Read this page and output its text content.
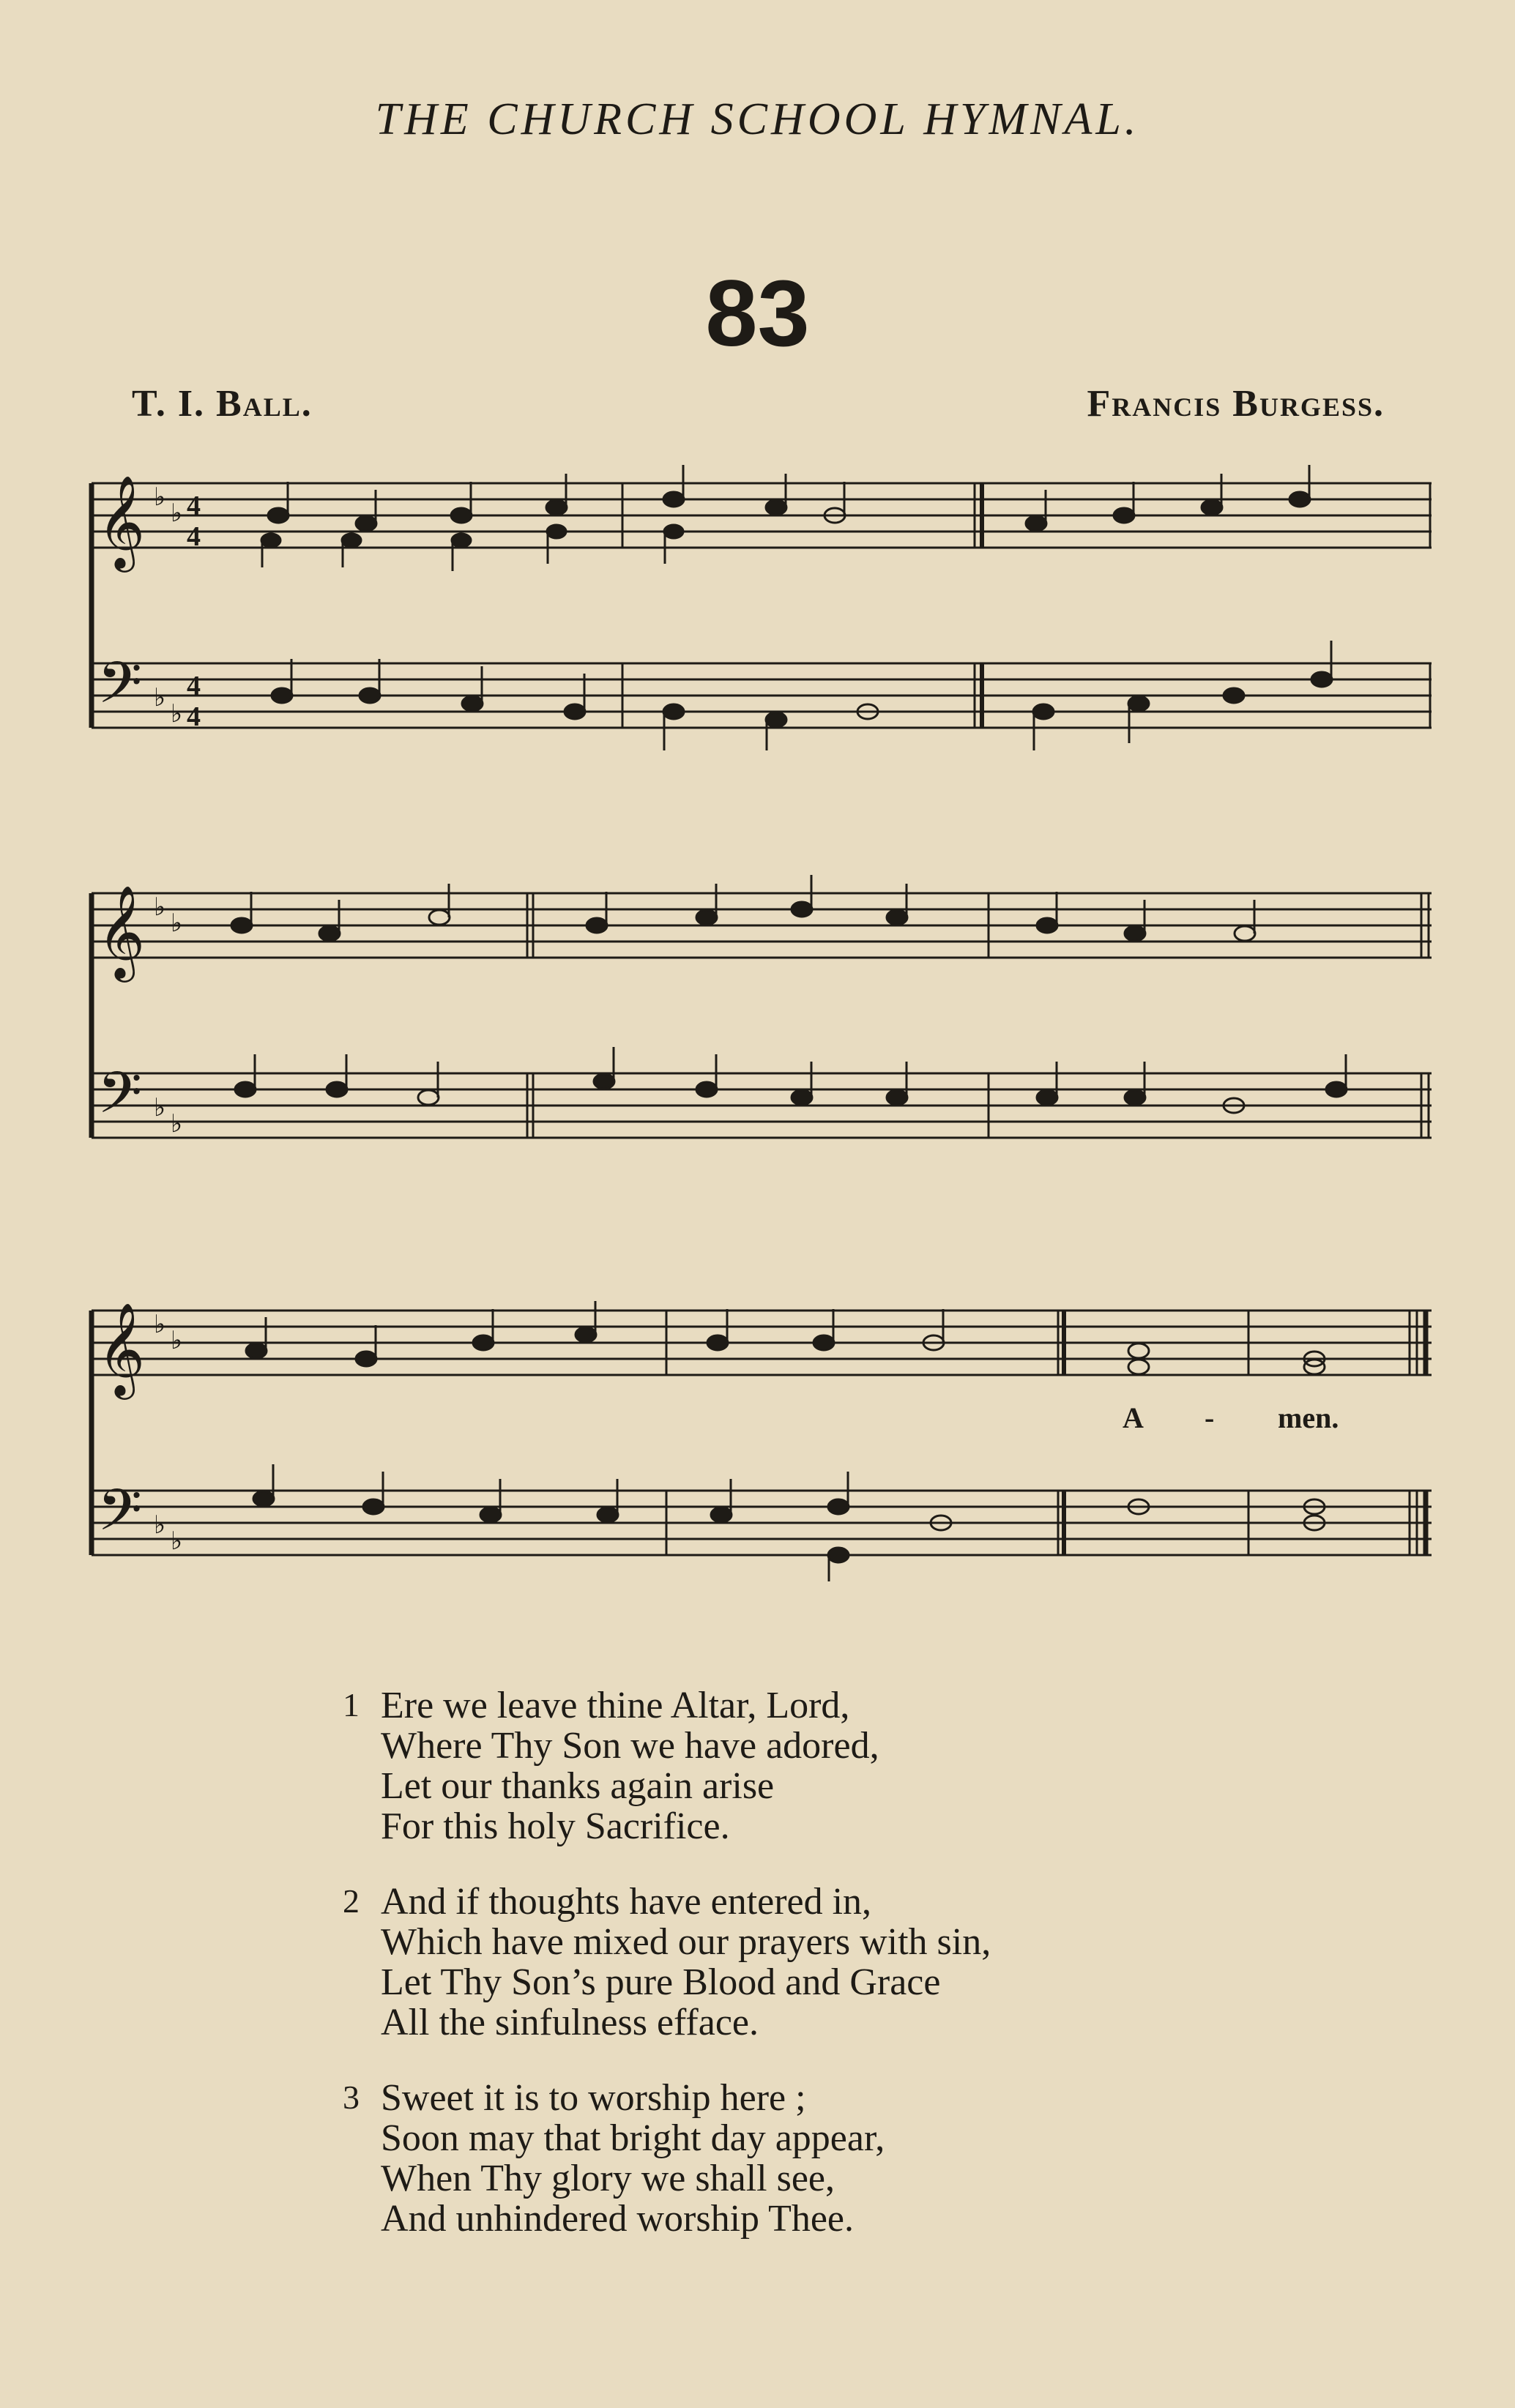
THE CHURCH SCHOOL HYMNAL.
83
T. I. Ball.	Francis Burgess.
𝄞
𝄢
♭
♭
♭
♭
4
4
4
4
𝄞
𝄢
♭
♭
♭
♭
𝄞
𝄢
♭
♭
♭
♭
A - men.
1 Ere we leave thine Altar, Lord,
Where Thy Son we have adored,
Let our thanks again arise
For this holy Sacrifice.
2 And if thoughts have entered in,
Which have mixed our prayers with sin,
Let Thy Son’s pure Blood and Grace
All the sinfulness efface.
3 Sweet it is to worship here ;
Soon may that bright day appear,
When Thy glory we shall see,
And unhindered worship Thee.
